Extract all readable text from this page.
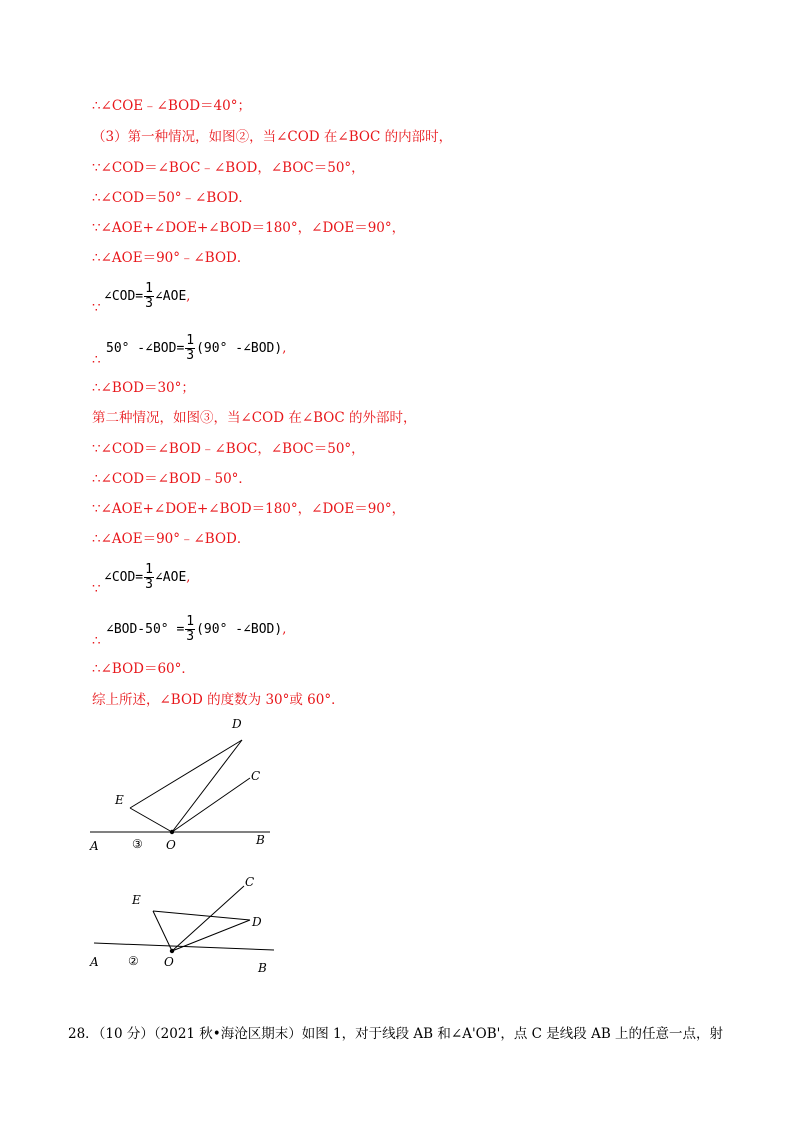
∴∠COE﹣∠BOD＝40°；
（3）第一种情况，如图②，当∠COD 在∠BOC 的内部时，
∵∠COD＝∠BOC﹣∠BOD，∠BOC＝50°，
∴∠COD＝50°﹣∠BOD．
∵∠AOE+∠DOE+∠BOD＝180°，∠DOE＝90°，
∴∠AOE＝90°﹣∠BOD．
∵
∠COD= $\frac{1}{3}$ ∠AOE,
∴
50° -∠BOD= $\frac{1}{3} (90^\circ$ -∠BOD),
∴∠BOD＝30°；
第二种情况，如图③，当∠COD 在∠BOC 的外部时，
∵∠COD＝∠BOD﹣∠BOC，∠BOC＝50°，
∴∠COD＝∠BOD﹣50°．
∵∠AOE+∠DOE+∠BOD＝180°，∠DOE＝90°，
∴∠AOE＝90°﹣∠BOD．
∵
∠COD= $\frac{1}{3}$ ∠AOE,
∴
∠BOD-50° = $\frac{1}{3} (90^\circ$ -∠BOD),
∴∠BOD＝60°．
综上所述，∠BOD 的度数为 30°或 60°．
D
C
E
A	O	B
③
C
E
D
A	O	B
②
28．（10 分）（2021 秋•海沧区期末）如图 1，对于线段 AB 和∠A'OB'，点 C 是线段 AB 上的任意一点，射
